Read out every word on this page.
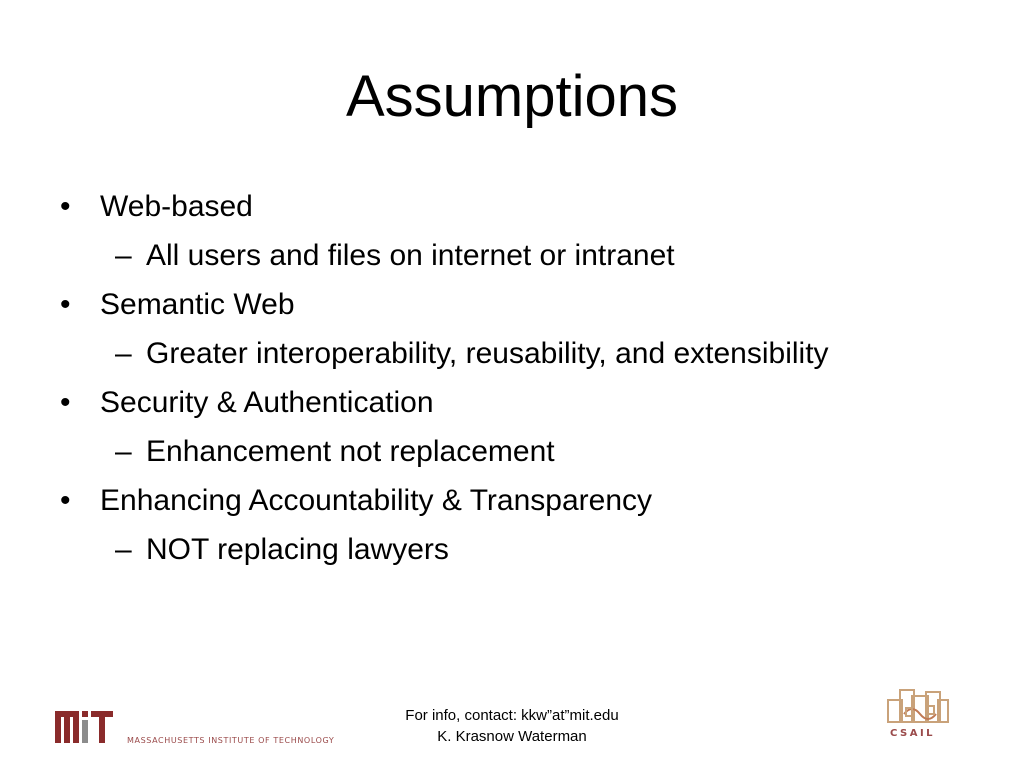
Assumptions
• Web-based
– All users and files on internet or intranet
• Semantic Web
– Greater interoperability, reusability, and extensibility
• Security & Authentication
– Enhancement not replacement
• Enhancing Accountability & Transparency
– NOT replacing lawyers
MASSACHUSETTS INSTITUTE OF TECHNOLOGY
For info, contact: kkw”at”mit.edu
K. Krasnow Waterman	CSAIL
